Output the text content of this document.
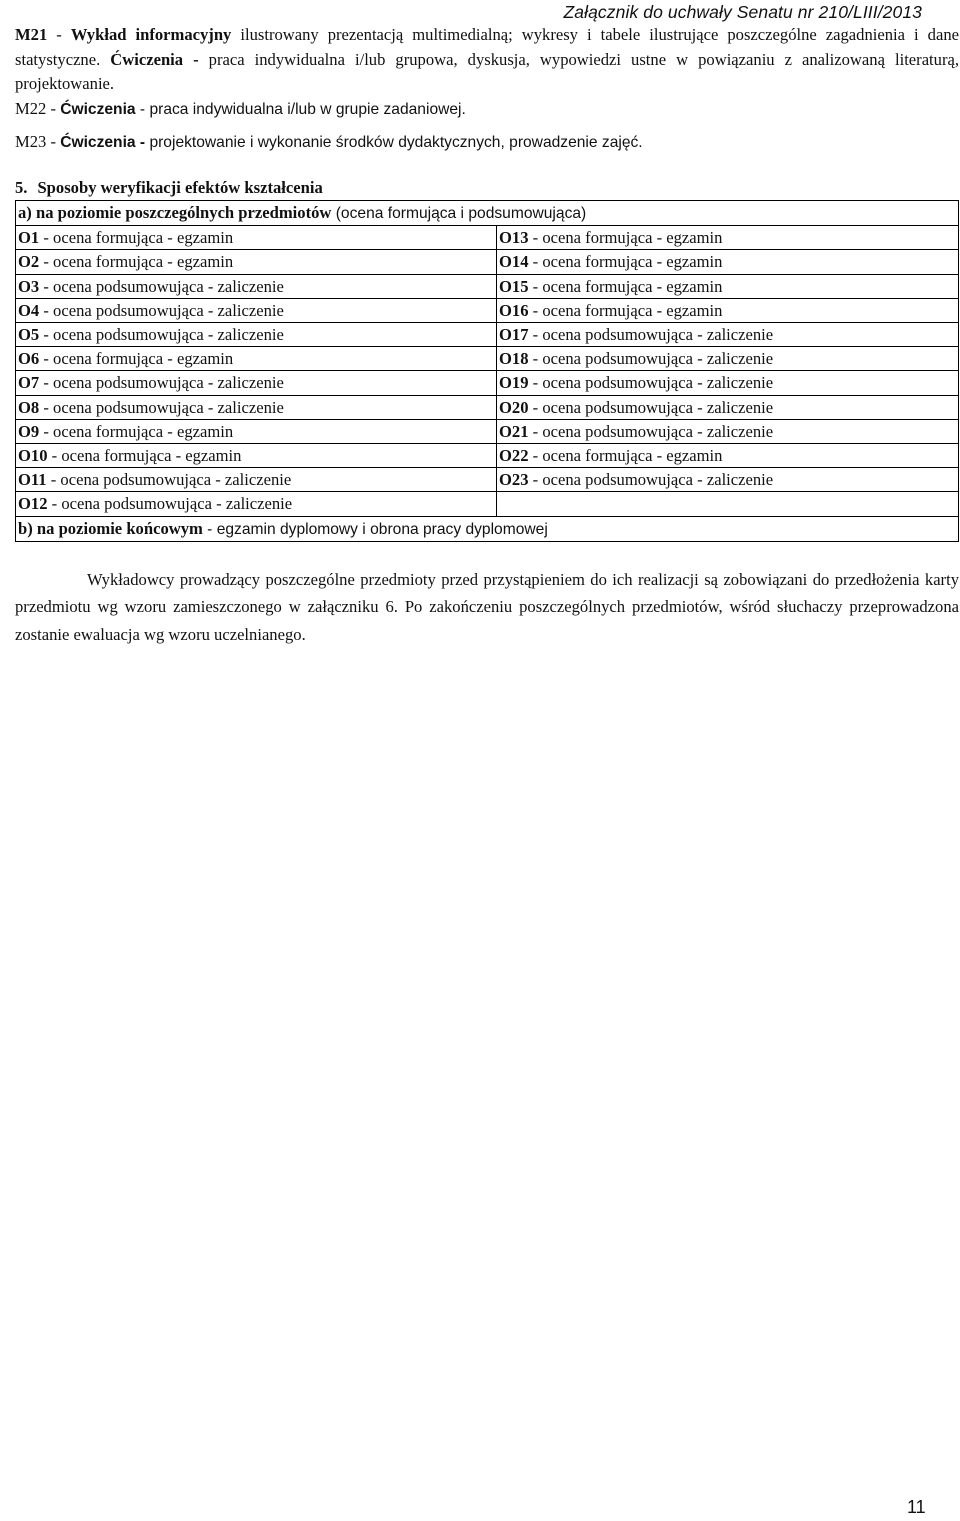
Załącznik do uchwały Senatu nr 210/LIII/2013

M21 - Wykład informacyjny ilustrowany prezentacją multimedialną; wykresy i tabele ilustrujące poszczególne zagadnienia i dane statystyczne. Ćwiczenia - praca indywidualna i/lub grupowa, dyskusja, wypowiedzi ustne w powiązaniu z analizowaną literaturą, projektowanie.

M22 - Ćwiczenia - praca indywidualna i/lub w grupie zadaniowej.

M23 - Ćwiczenia - projektowanie i wykonanie środków dydaktycznych, prowadzenie zajęć.

5. Sposoby weryfikacji efektów kształcenia

a) na poziomie poszczególnych przedmiotów (ocena formująca i podsumowująca)	
O1 - ocena formująca - egzamin	O13 - ocena formująca - egzamin
O2 - ocena formująca - egzamin	O14 - ocena formująca - egzamin
O3 - ocena podsumowująca - zaliczenie	O15 - ocena formująca - egzamin
O4 - ocena podsumowująca - zaliczenie	O16 - ocena formująca - egzamin
O5 - ocena podsumowująca - zaliczenie	O17 - ocena podsumowująca - zaliczenie
O6 - ocena formująca - egzamin	O18 - ocena podsumowująca - zaliczenie
O7 - ocena podsumowująca - zaliczenie	O19 - ocena podsumowująca - zaliczenie
O8 - ocena podsumowująca - zaliczenie	O20 - ocena podsumowująca - zaliczenie
O9 - ocena formująca - egzamin	O21 - ocena podsumowująca - zaliczenie
O10 - ocena formująca - egzamin	O22 - ocena formująca - egzamin
O11 - ocena podsumowująca - zaliczenie	O23 - ocena podsumowująca - zaliczenie
O12 - ocena podsumowująca - zaliczenie	
b) na poziomie końcowym - egzamin dyplomowy i obrona pracy dyplomowej	

Wykładowcy prowadzący poszczególne przedmioty przed przystąpieniem do ich realizacji są zobowiązani do przedłożenia karty przedmiotu wg wzoru zamieszczonego w załączniku 6. Po zakończeniu poszczególnych przedmiotów, wśród słuchaczy przeprowadzona zostanie ewaluacja wg wzoru uczelnianego.

11
